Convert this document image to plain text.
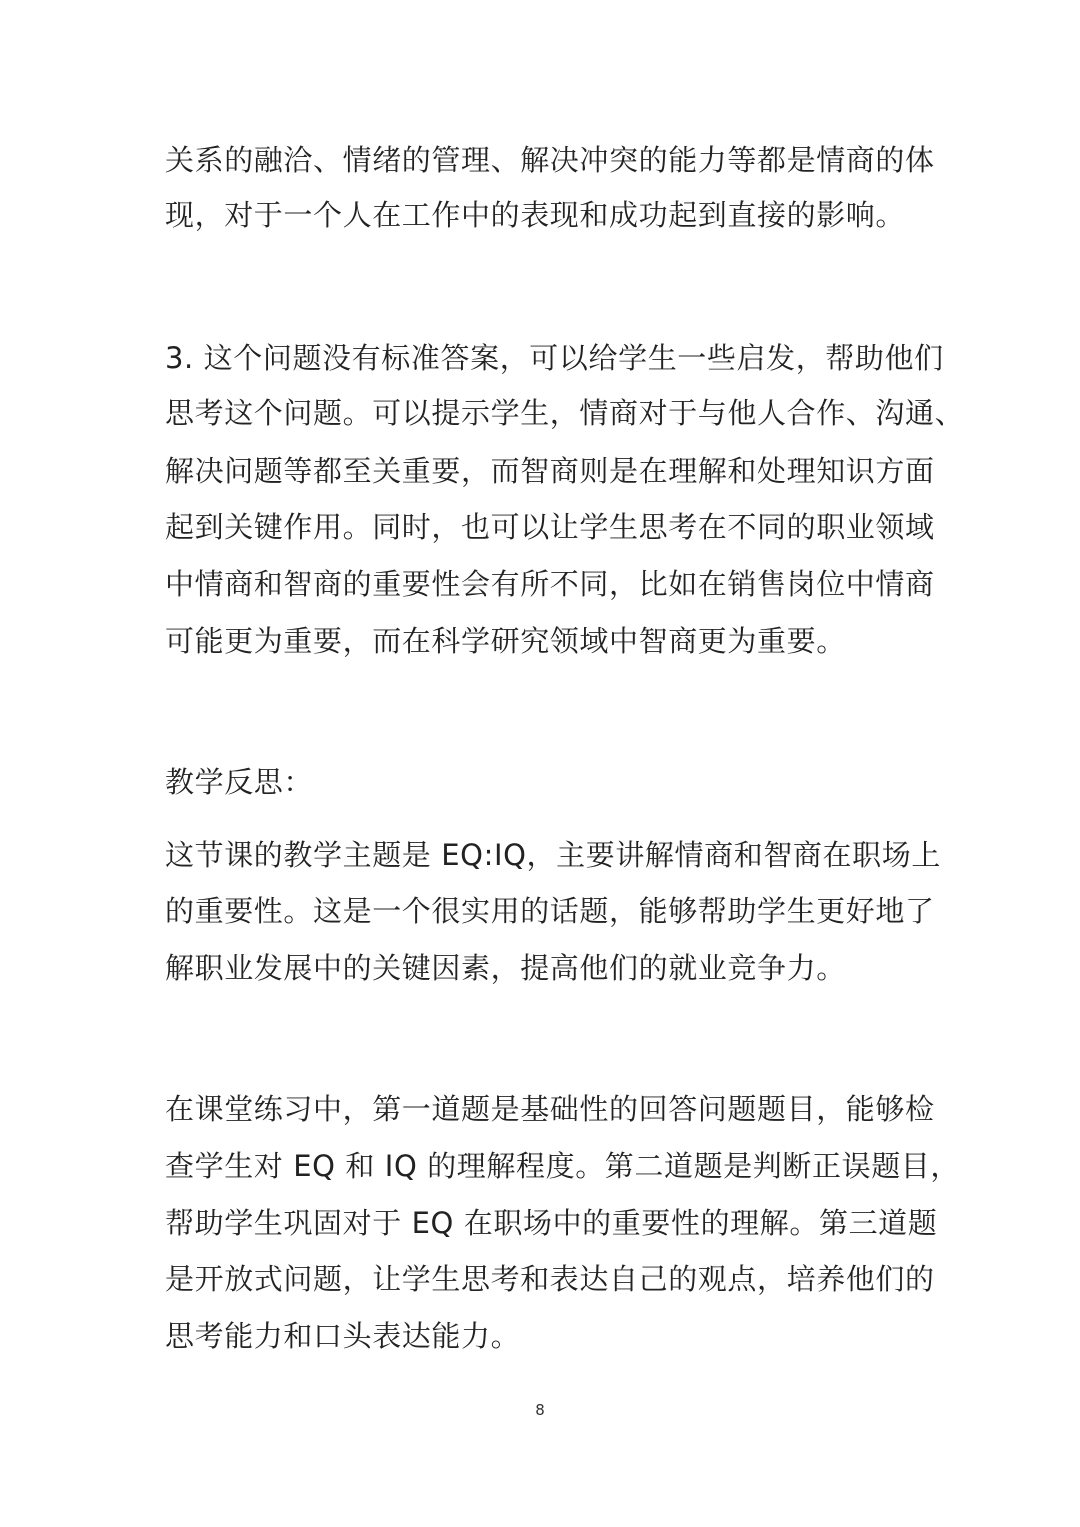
关系的融洽、情绪的管理、解决冲突的能力等都是情商的体
现，对于一个人在工作中的表现和成功起到直接的影响。
3. 这个问题没有标准答案，可以给学生一些启发，帮助他们
思考这个问题。可以提示学生，情商对于与他人合作、沟通、
解决问题等都至关重要，而智商则是在理解和处理知识方面
起到关键作用。同时，也可以让学生思考在不同的职业领域
中情商和智商的重要性会有所不同，比如在销售岗位中情商
可能更为重要，而在科学研究领域中智商更为重要。
教学反思：
这节课的教学主题是 EQ:IQ，主要讲解情商和智商在职场上
的重要性。这是一个很实用的话题，能够帮助学生更好地了
解职业发展中的关键因素，提高他们的就业竞争力。
在课堂练习中，第一道题是基础性的回答问题题目，能够检
查学生对 EQ 和 IQ 的理解程度。第二道题是判断正误题目，
帮助学生巩固对于 EQ 在职场中的重要性的理解。第三道题
是开放式问题，让学生思考和表达自己的观点，培养他们的
思考能力和口头表达能力。
8
